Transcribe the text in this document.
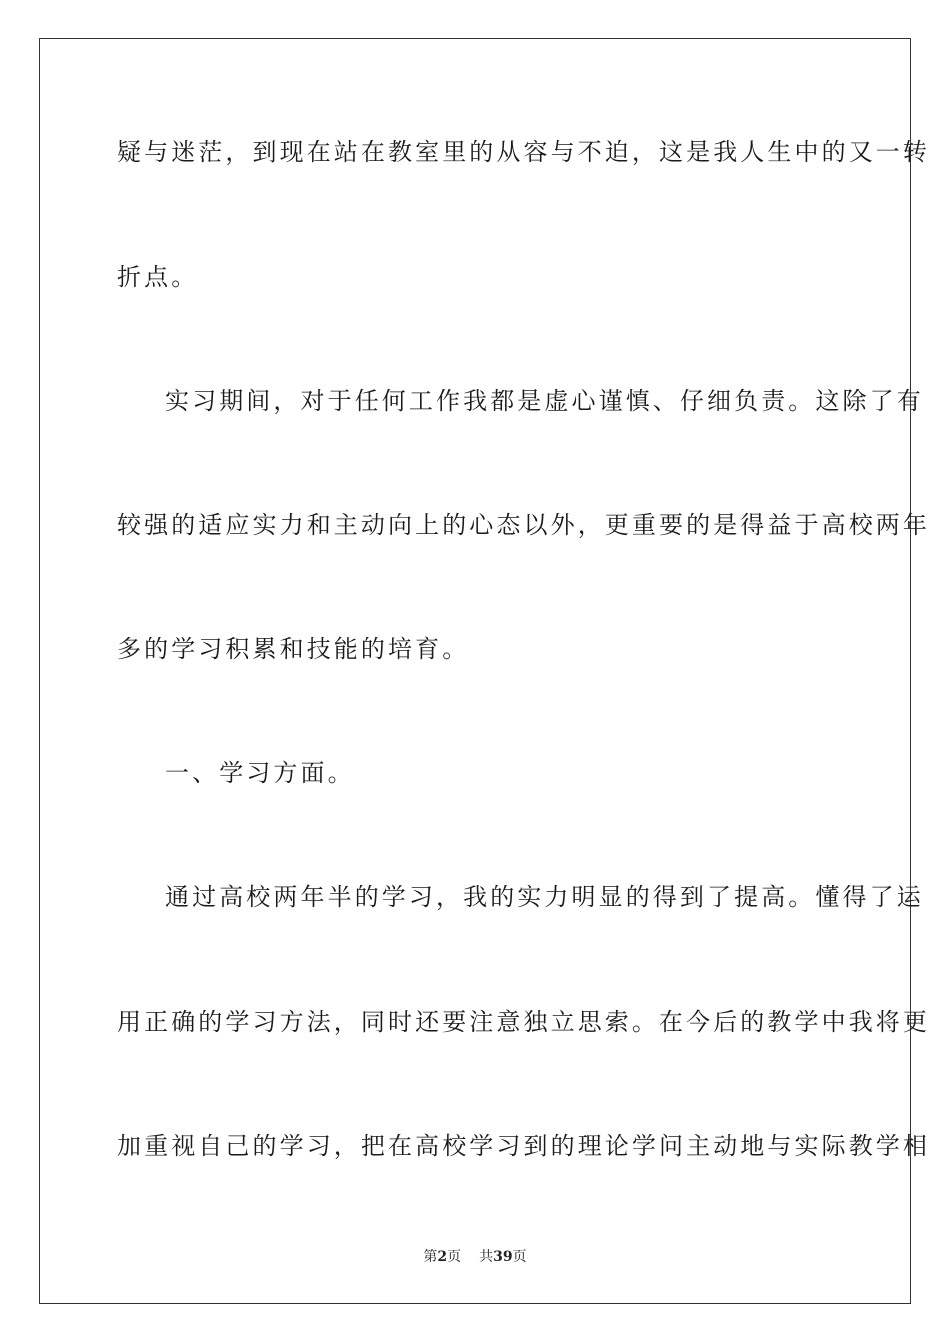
疑与迷茫，到现在站在教室里的从容与不迫，这是我人生中的又一转
折点。
实习期间，对于任何工作我都是虚心谨慎、仔细负责。这除了有
较强的适应实力和主动向上的心态以外，更重要的是得益于高校两年
多的学习积累和技能的培育。
一、学习方面。
通过高校两年半的学习，我的实力明显的得到了提高。懂得了运
用正确的学习方法，同时还要注意独立思索。在今后的教学中我将更
加重视自己的学习，把在高校学习到的理论学问主动地与实际教学相
第2页 共39页
